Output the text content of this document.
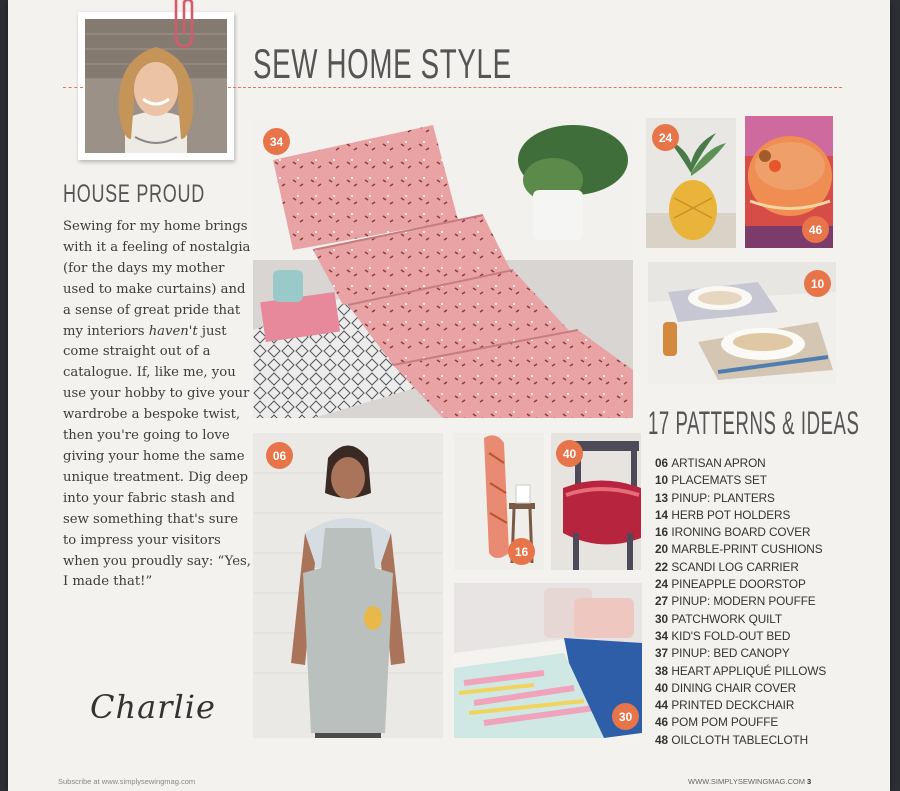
SEW HOME STYLE
HOUSE PROUD

Sewing for my home brings with it a feeling of nostalgia (for the days my mother used to make curtains) and a sense of great pride that my interiors haven't just come straight out of a catalogue. If, like me, you use your hobby to give your wardrobe a bespoke twist, then you're going to love giving your home the same unique treatment. Dig deep into your fabric stash and sew something that's sure to impress your visitors when you proudly say: “Yes, I made that!”

Charlie
34	24
46
10
06
16
40
30
17 PATTERNS & IDEAS
06 ARTISAN APRON
10 PLACEMATS SET
13 PINUP: PLANTERS
14 HERB POT HOLDERS
16 IRONING BOARD COVER
20 MARBLE-PRINT CUSHIONS
22 SCANDI LOG CARRIER
24 PINEAPPLE DOORSTOP
27 PINUP: MODERN POUFFE
30 PATCHWORK QUILT
34 KID'S FOLD-OUT BED
37 PINUP: BED CANOPY
38 HEART APPLIQUÉ PILLOWS
40 DINING CHAIR COVER
44 PRINTED DECKCHAIR
46 POM POM POUFFE
48 OILCLOTH TABLECLOTH
Subscribe at www.simplysewingmag.com	WWW.SIMPLYSEWINGMAG.COM 3
